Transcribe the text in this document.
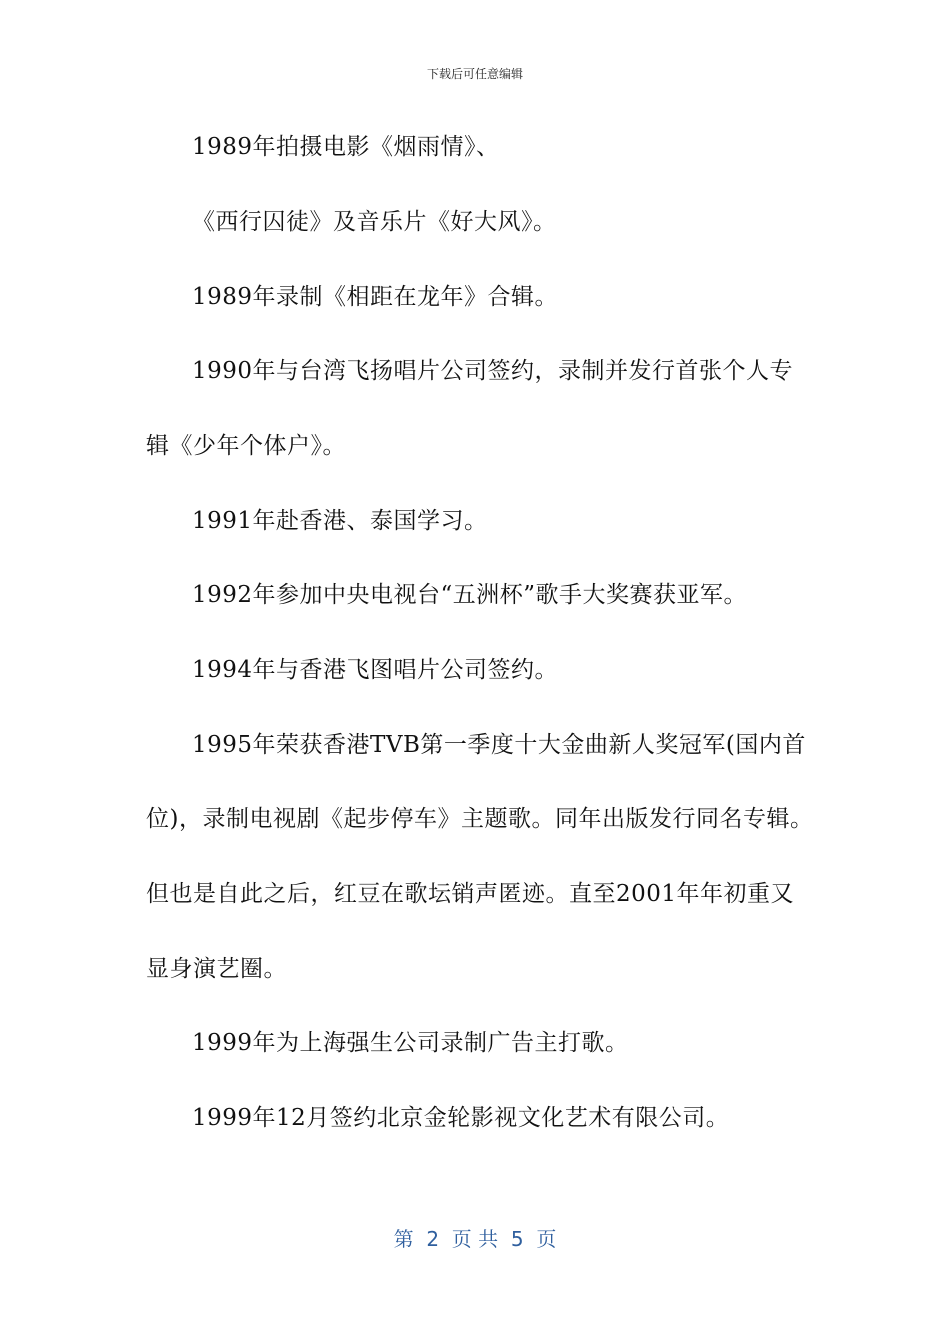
下载后可任意编辑
1989年拍摄电影《烟雨情》、
《西行囚徒》及音乐片《好大风》。
1989年录制《相距在龙年》合辑。
1990年与台湾飞扬唱片公司签约，录制并发行首张个人专
辑《少年个体户》。
1991年赴香港、泰国学习。
1992年参加中央电视台“五洲杯”歌手大奖赛获亚军。
1994年与香港飞图唱片公司签约。
1995年荣获香港TVB第一季度十大金曲新人奖冠军(国内首
位)，录制电视剧《起步停车》主题歌。同年出版发行同名专辑。
但也是自此之后，红豆在歌坛销声匿迹。直至2001年年初重又
显身演艺圈。
1999年为上海强生公司录制广告主打歌。
1999年12月签约北京金轮影视文化艺术有限公司。
第  2  页 共  5  页
